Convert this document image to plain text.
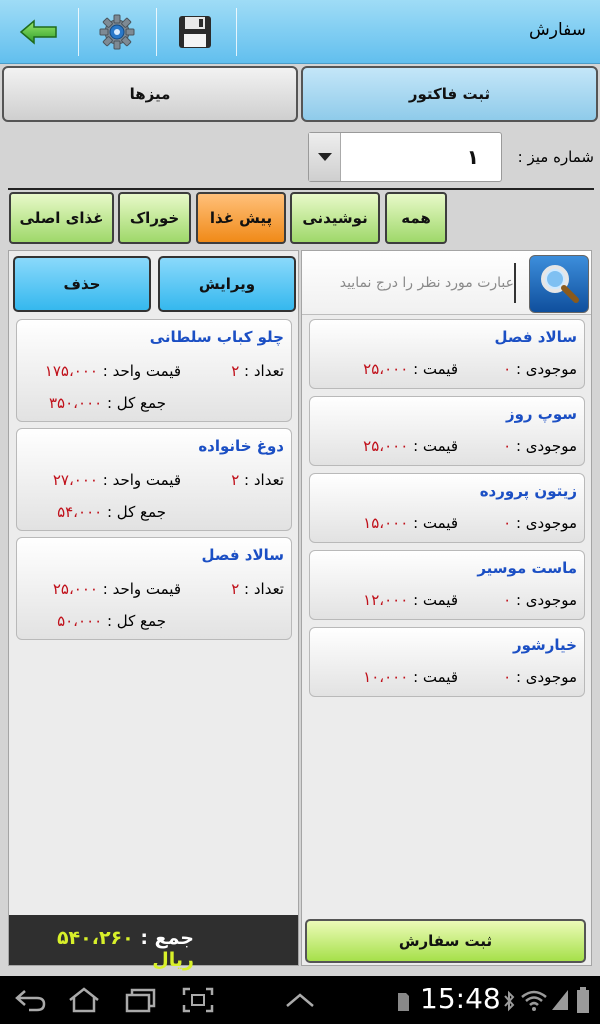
سفارش
میزها	ثبت فاکتور
۱	شماره میز :
همه
نوشیدنی
پیش غذا
خوراک
غذای اصلی
حذف	ویرایش
چلو کباب سلطانی
تعداد : ۲
قیمت واحد : ۱۷۵،۰۰۰
جمع کل : ۳۵۰،۰۰۰
دوغ خانواده
تعداد : ۲
قیمت واحد : ۲۷،۰۰۰
جمع کل : ۵۴،۰۰۰
سالاد فصل
تعداد : ۲
قیمت واحد : ۲۵،۰۰۰
جمع کل : ۵۰،۰۰۰
جمع : ۵۴۰،۲۶۰ ریال
عبارت مورد نظر را درج نمایید
سالاد فصل
موجودی : ۰
قیمت : ۲۵،۰۰۰
سوپ روز
موجودی : ۰
قیمت : ۲۵،۰۰۰
زیتون پرورده
موجودی : ۰
قیمت : ۱۵،۰۰۰
ماست موسیر
موجودی : ۰
قیمت : ۱۲،۰۰۰
خیارشور
موجودی : ۰
قیمت : ۱۰،۰۰۰
ثبت سفارش
15:48
